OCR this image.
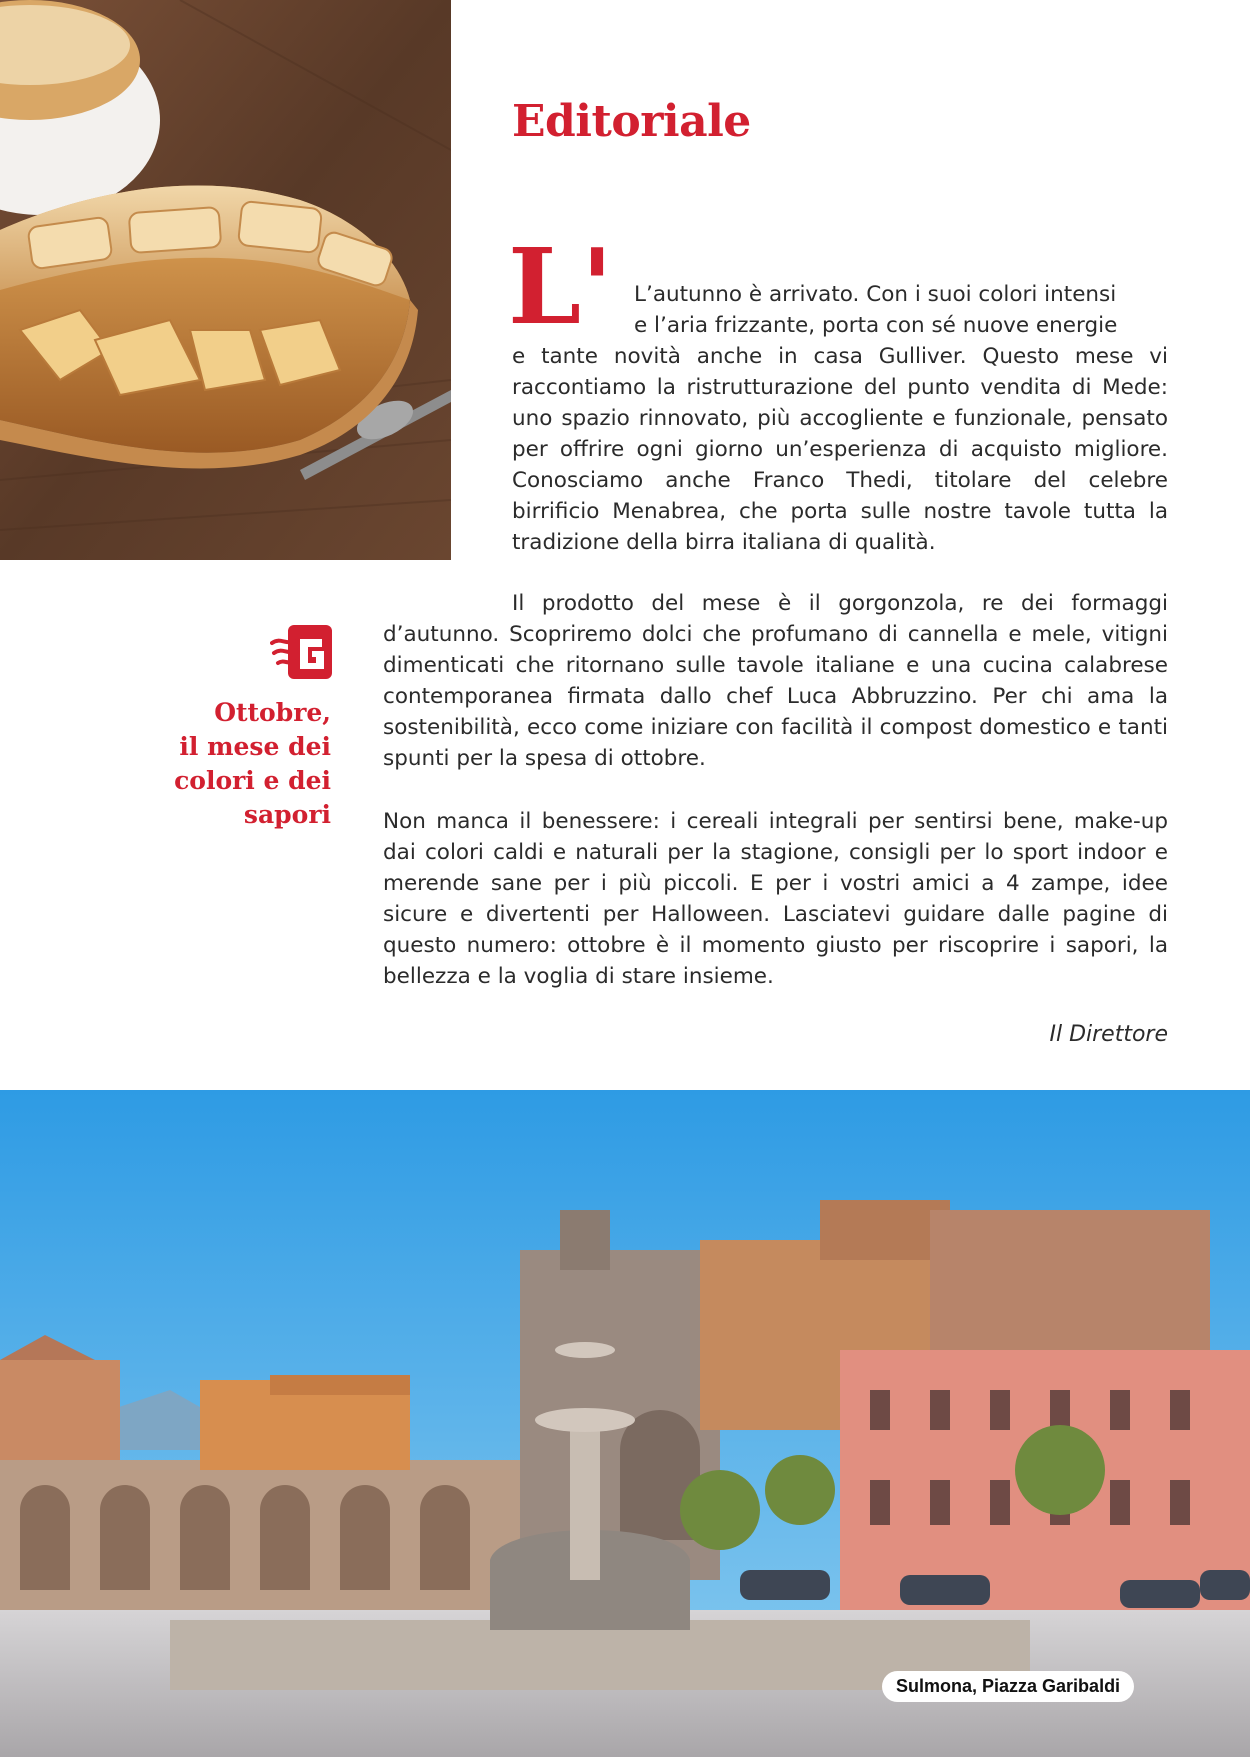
Editoriale
L' L’autunno è arrivato. Con i suoi colori intensi
e l’aria frizzante, porta con sé nuove energie
e tante novità anche in casa Gulliver. Questo mese vi raccontiamo la ristrutturazione del punto vendita di Mede: uno spazio rinnovato, più accogliente e funzionale, pensato per offrire ogni giorno un’esperienza di acquisto migliore. Conosciamo anche Franco Thedi, titolare del celebre birrificio Menabrea, che porta sulle nostre tavole tutta la tradizione della birra italiana di qualità.

Il prodotto del mese è il gorgonzola, re dei formaggi d’autunno. Scopriremo dolci che profumano di cannella e mele, vitigni dimenticati che ritornano sulle tavole italiane e una cucina calabrese contemporanea firmata dallo chef Luca Abbruzzino. Per chi ama la sostenibilità, ecco come iniziare con facilità il compost domestico e tanti spunti per la spesa di ottobre.

Non manca il benessere: i cereali integrali per sentirsi bene, make-up dai colori caldi e naturali per la stagione, consigli per lo sport indoor e merende sane per i più piccoli. E per i vostri amici a 4 zampe, idee sicure e divertenti per Halloween. Lasciatevi guidare dalle pagine di questo numero: ottobre è il momento giusto per riscoprire i sapori, la bellezza e la voglia di stare insieme.

Il Direttore
Ottobre,
il mese dei
colori e dei
sapori
Sulmona, Piazza Garibaldi
